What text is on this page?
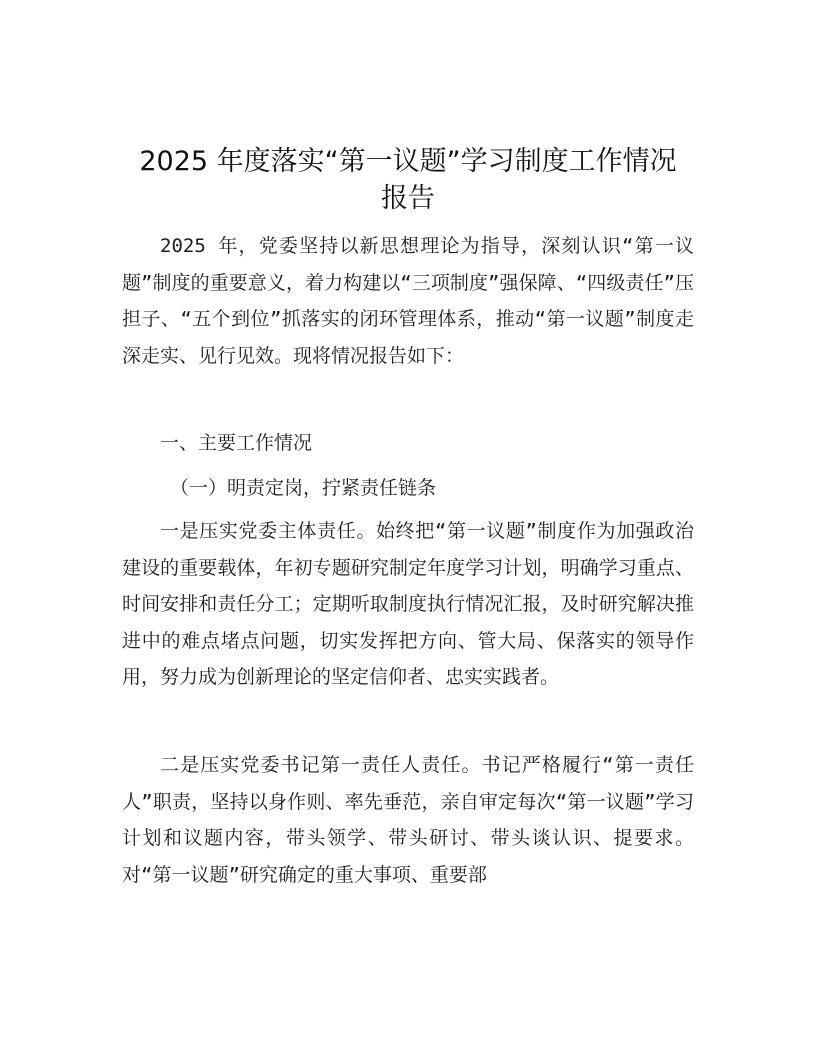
2025 年度落实“第一议题”学习制度工作情况
报告

2025 年，党委坚持以新思想理论为指导，深刻认识“第一议题”制度的重要意义，着力构建以“三项制度”强保障、“四级责任”压担子、“五个到位”抓落实的闭环管理体系，推动“第一议题”制度走深走实、见行见效。现将情况报告如下：

一、主要工作情况

（一）明责定岗，拧紧责任链条

一是压实党委主体责任。始终把“第一议题”制度作为加强政治建设的重要载体，年初专题研究制定年度学习计划，明确学习重点、时间安排和责任分工；定期听取制度执行情况汇报，及时研究解决推进中的难点堵点问题，切实发挥把方向、管大局、保落实的领导作用，努力成为创新理论的坚定信仰者、忠实实践者。

二是压实党委书记第一责任人责任。书记严格履行“第一责任人”职责，坚持以身作则、率先垂范，亲自审定每次“第一议题”学习计划和议题内容，带头领学、带头研讨、带头谈认识、提要求。对“第一议题”研究确定的重大事项、重要部
